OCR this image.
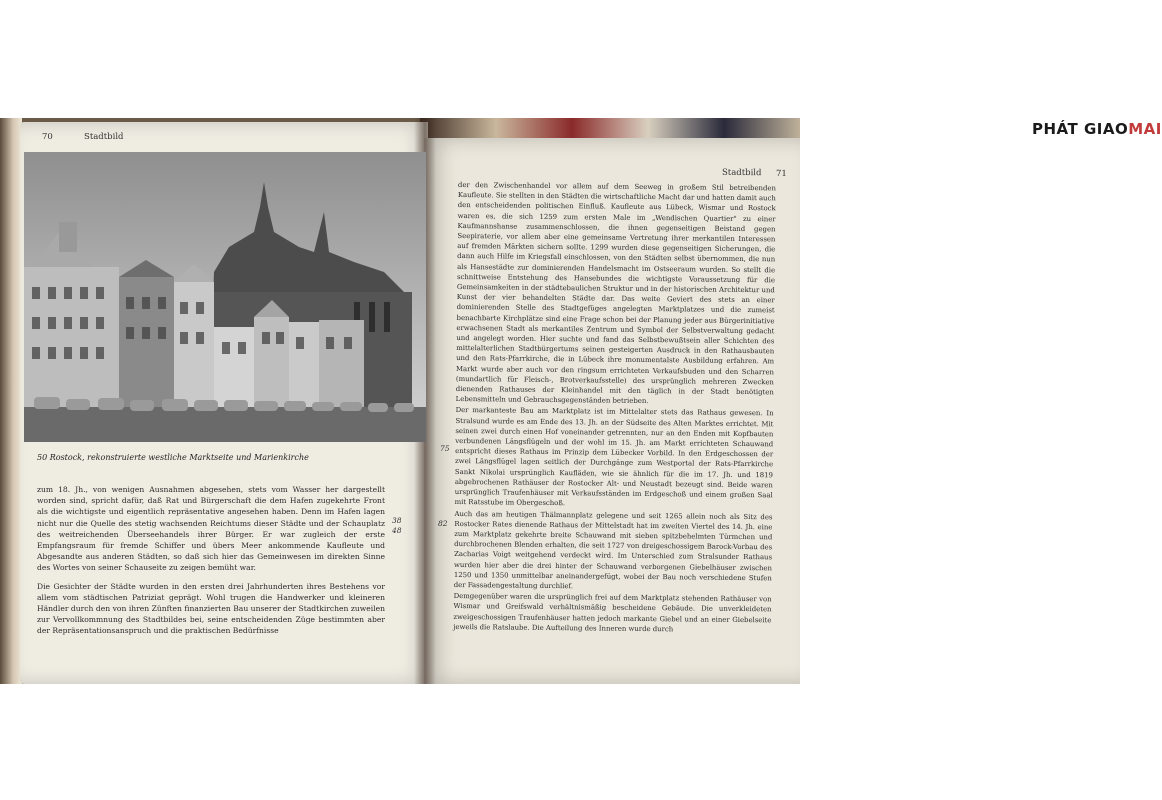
PHÁT GIAOMAI
70	Stadtbild
50 Rostock, rekonstruierte westliche Marktseite und Marienkirche
38
48

zum 18. Jh., von wenigen Ausnahmen abgesehen, stets vom Wasser her dargestellt worden sind, spricht dafür, daß Rat und Bürgerschaft die dem Hafen zugekehrte Front als die wichtigste und eigentlich repräsentative angesehen haben. Denn im Hafen lagen nicht nur die Quelle des stetig wachsenden Reichtums dieser Städte und der Schauplatz des weitreichenden Überseehandels ihrer Bürger. Er war zugleich der erste Empfangsraum für fremde Schiffer und übers Meer ankommende Kaufleute und Abgesandte aus anderen Städten, so daß sich hier das Gemeinwesen im direkten Sinne des Wortes von seiner Schauseite zu zeigen bemüht war.

Die Gesichter der Städte wurden in den ersten drei Jahrhunderten ihres Bestehens vor allem vom städtischen Patriziat geprägt. Wohl trugen die Handwerker und kleineren Händler durch den von ihren Zünften finanzierten Bau unserer der Stadtkirchen zuweilen zur Vervollkommnung des Stadtbildes bei, seine entscheidenden Züge bestimmten aber der Repräsentationsanspruch und die praktischen Bedürfnisse

Stadtbild 71
75
82

der den Zwischenhandel vor allem auf dem Seeweg in großem Stil betreibenden Kaufleute. Sie stellten in den Städten die wirtschaftliche Macht dar und hatten damit auch den entscheidenden politischen Einfluß. Kaufleute aus Lübeck, Wismar und Rostock waren es, die sich 1259 zum ersten Male im „Wendischen Quartier" zu einer Kaufmannshanse zusammenschlossen, die ihnen gegenseitigen Beistand gegen Seepiraterie, vor allem aber eine gemeinsame Vertretung ihrer merkantilen Interessen auf fremden Märkten sichern sollte. 1299 wurden diese gegenseitigen Sicherungen, die dann auch Hilfe im Kriegsfall einschlossen, von den Städten selbst übernommen, die nun als Hansestädte zur dominierenden Handelsmacht im Ostseeraum wurden. So stellt die schnittweise Entstehung des Hansebundes die wichtigste Voraussetzung für die Gemeinsamkeiten in der städtebaulichen Struktur und in der historischen Architektur und Kunst der vier behandelten Städte dar. Das weite Geviert des stets an einer dominierenden Stelle des Stadtgefüges angelegten Marktplatzes und die zumeist benachbarte Kirchplätze sind eine Frage schon bei der Planung jeder aus Bürgerinitiative erwachsenen Stadt als merkantiles Zentrum und Symbol der Selbstverwaltung gedacht und angelegt worden. Hier suchte und fand das Selbstbewußtsein aller Schichten des mittelalterlichen Stadtbürgertums seinen gesteigerten Ausdruck in den Rathausbauten und den Rats-Pfarrkirche, die in Lübeck ihre monumentalste Ausbildung erfahren. Am Markt wurde aber auch vor den ringsum errichteten Verkaufsbuden und den Scharren (mundartlich für Fleisch-, Brotverkaufsstelle) des ursprünglich mehreren Zwecken dienenden Rathauses der Kleinhandel mit den täglich in der Stadt benötigten Lebensmitteln und Gebrauchsgegenständen betrieben.

Der markanteste Bau am Marktplatz ist im Mittelalter stets das Rathaus gewesen. In Stralsund wurde es am Ende des 13. Jh. an der Südseite des Alten Marktes errichtet. Mit seinen zwei durch einen Hof voneinander getrennten, nur an den Enden mit Kopfbauten verbundenen Längsflügeln und der wohl im 15. Jh. am Markt errichteten Schauwand entspricht dieses Rathaus im Prinzip dem Lübecker Vorbild. In den Erdgeschossen der zwei Längsflügel lagen seitlich der Durchgänge zum Westportal der Rats-Pfarrkirche Sankt Nikolai ursprünglich Kaufläden, wie sie ähnlich für die im 17. Jh. und 1819 abgebrochenen Rathäuser der Rostocker Alt- und Neustadt bezeugt sind. Beide waren ursprünglich Traufenhäuser mit Verkaufsständen im Erdgeschoß und einem großen Saal mit Ratsstube im Obergeschoß.

Auch das am heutigen Thälmannplatz gelegene und seit 1265 allein noch als Sitz des Rostocker Rates dienende Rathaus der Mittelstadt hat im zweiten Viertel des 14. Jh. eine zum Marktplatz gekehrte breite Schauwand mit sieben spitzbehelmten Türmchen und durchbrochenen Blenden erhalten, die seit 1727 von dreigeschossigem Barock-Vorbau des Zacharias Voigt weitgehend verdeckt wird. Im Unterschied zum Stralsunder Rathaus wurden hier aber die drei hinter der Schauwand verborgenen Giebelhäuser zwischen 1250 und 1350 unmittelbar aneinandergefügt, wobei der Bau noch verschiedene Stufen der Fassadengestaltung durchlief.

Demgegenüber waren die ursprünglich frei auf dem Marktplatz stehenden Rathäuser von Wismar und Greifswald verhältnismäßig bescheidene Gebäude. Die unverkleideten zweigeschossigen Traufenhäuser hatten jedoch markante Giebel und an einer Giebelseite jeweils die Ratslaube. Die Aufteilung des Inneren wurde durch
